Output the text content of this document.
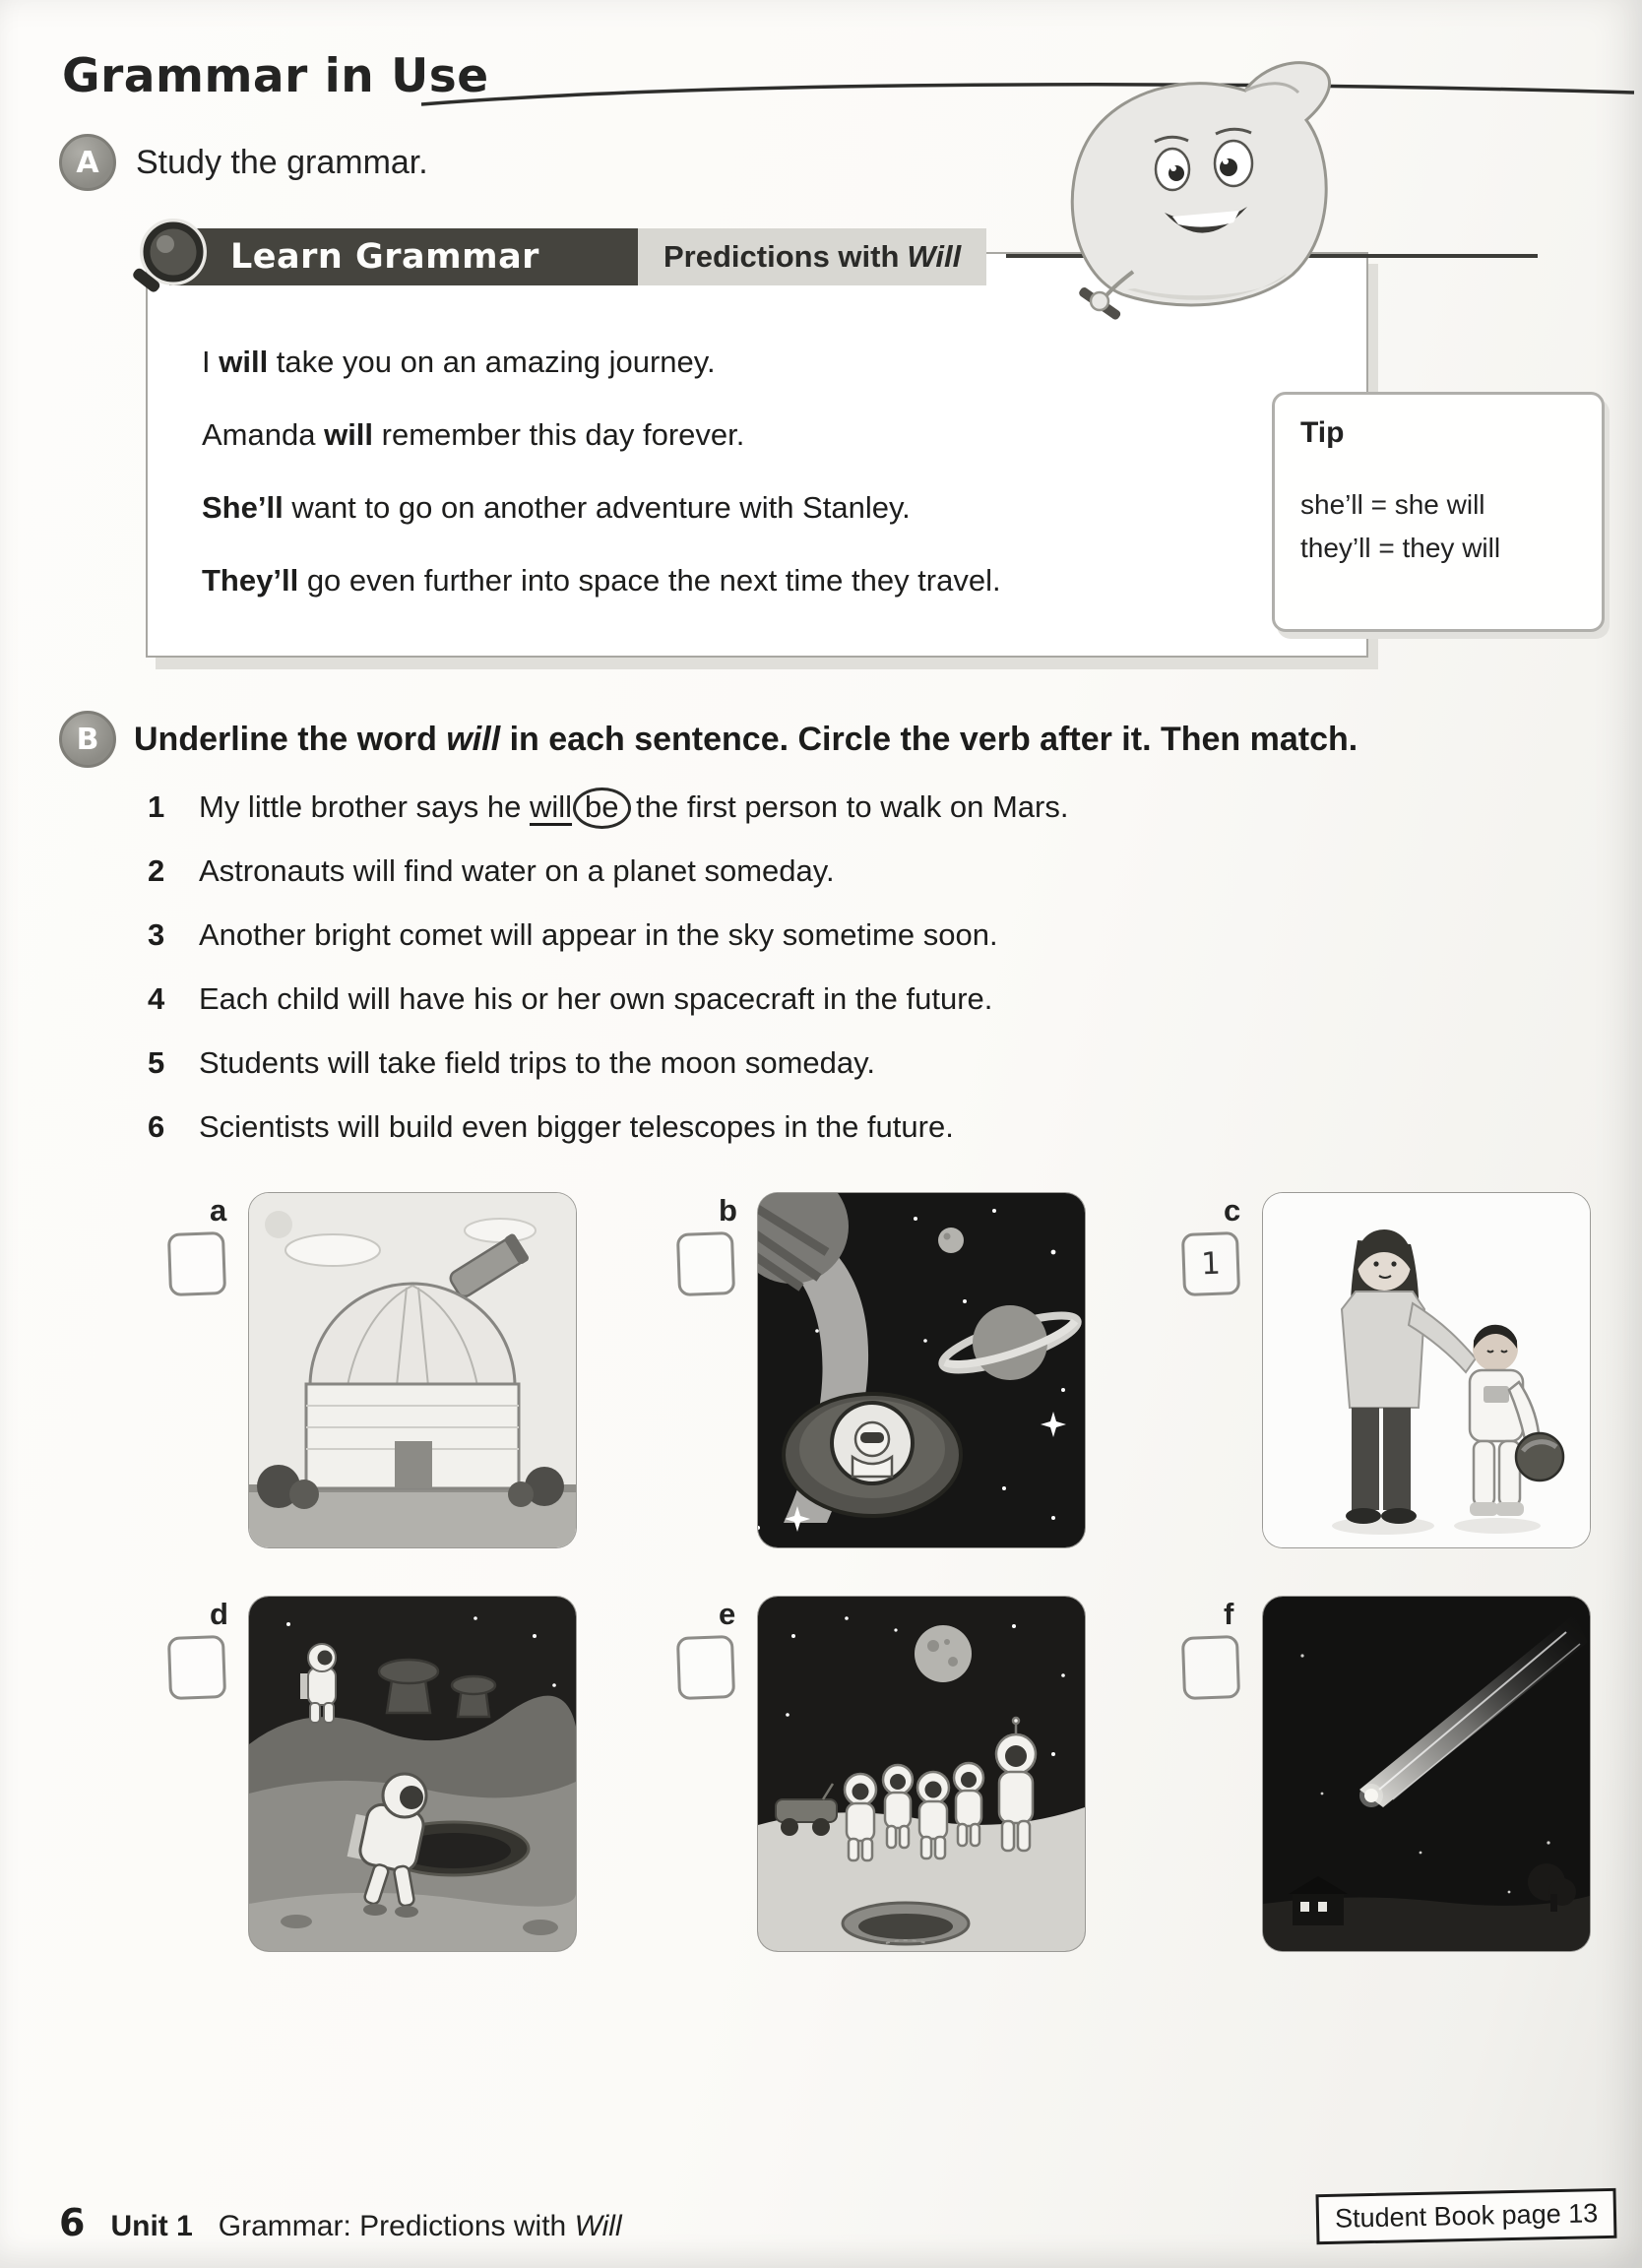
Grammar in Use
A	Study the grammar.

I will take you on an amazing journey.

Amanda will remember this day forever.

She’ll want to go on another adventure with Stanley.

They’ll go even further into space the next time they travel.

Learn Grammar	Predictions with Will
Tip
she’ll = she will
they’ll = they will
B	Underline the word will in each sentence. Circle the verb after it. Then match.
1	My little brother says he will be the first person to walk on Mars.
2	Astronauts will find water on a planet someday.
3	Another bright comet will appear in the sky sometime soon.
4	Each child will have his or her own spacecraft in the future.
5	Students will take field trips to the moon someday.
6	Scientists will build even bigger telescopes in the future.
a	b	c
1
d	e	f
6 Unit 1 Grammar: Predictions with Will	Student Book page 13
